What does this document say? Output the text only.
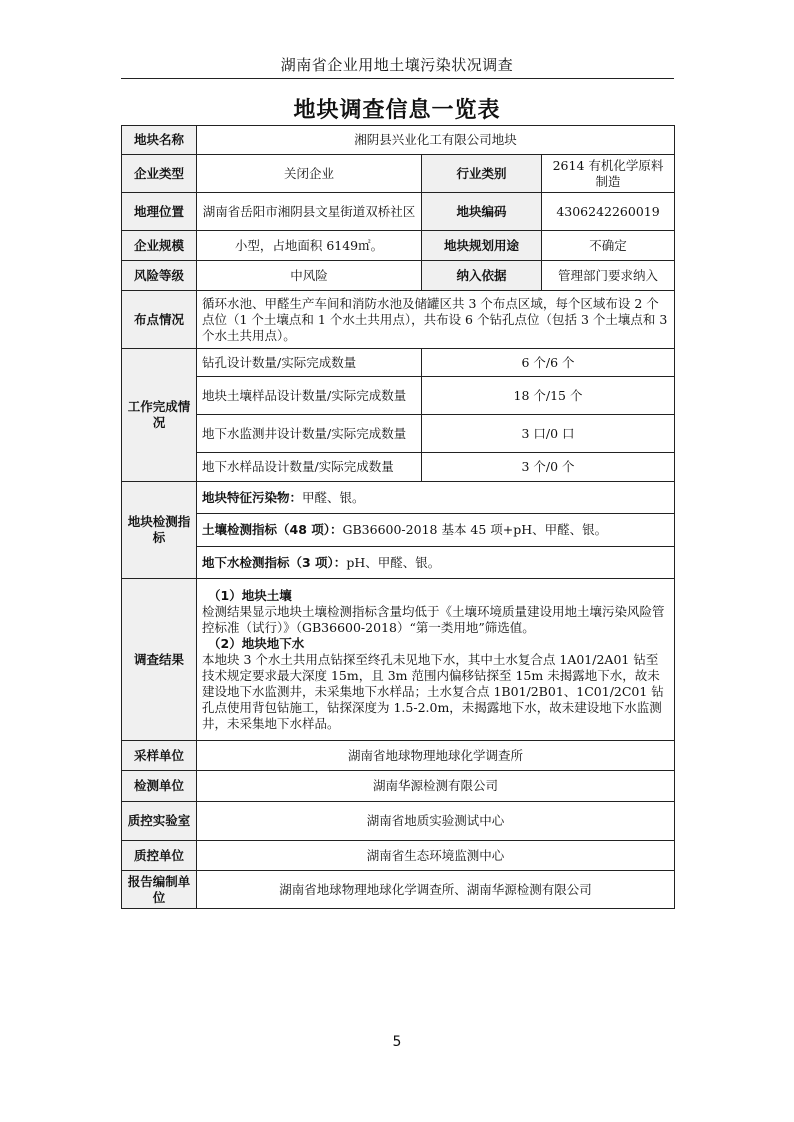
湖南省企业用地土壤污染状况调查
地块调查信息一览表
地块名称	湘阴县兴业化工有限公司地块		
企业类型	关闭企业	行业类别	2614 有机化学原料制造
地理位置	湖南省岳阳市湘阴县文星街道双桥社区	地块编码	4306242260019
企业规模	小型，占地面积 6149㎡。	地块规划用途	不确定
风险等级	中风险	纳入依据	管理部门要求纳入
布点情况	循环水池、甲醛生产车间和消防水池及储罐区共 3 个布点区域，每个区域布设 2 个点位（1 个土壤点和 1 个水土共用点），共布设 6 个钻孔点位（包括 3 个土壤点和 3 个水土共用点）。		
工作完成情况	钻孔设计数量/实际完成数量	6 个/6 个	
	地块土壤样品设计数量/实际完成数量	18 个/15 个	
	地下水监测井设计数量/实际完成数量	3 口/0 口	
	地下水样品设计数量/实际完成数量	3 个/0 个	
地块检测指标	地块特征污染物：甲醛、银。		
	土壤检测指标（48 项）：GB36600-2018 基本 45 项+pH、甲醛、银。		
	地下水检测指标（3 项）：pH、甲醛、银。		
调查结果	（1）地块土壤
检测结果显示地块土壤检测指标含量均低于《土壤环境质量建设用地土壤污染风险管控标准（试行）》（GB36600-2018）“第一类用地”筛选值。
（2）地块地下水
本地块 3 个水土共用点钻探至终孔未见地下水，其中土水复合点 1A01/2A01 钻至技术规定要求最大深度 15m，且 3m 范围内偏移钻探至 15m 未揭露地下水，故未建设地下水监测井，未采集地下水样品；土水复合点 1B01/2B01、1C01/2C01 钻孔点使用背包钻施工，钻探深度为 1.5-2.0m，未揭露地下水，故未建设地下水监测井，未采集地下水样品。		

采样单位	湖南省地球物理地球化学调查所		
检测单位	湖南华源检测有限公司		
质控实验室	湖南省地质实验测试中心		
质控单位	湖南省生态环境监测中心		
报告编制单位	湖南省地球物理地球化学调查所、湖南华源检测有限公司		
5
